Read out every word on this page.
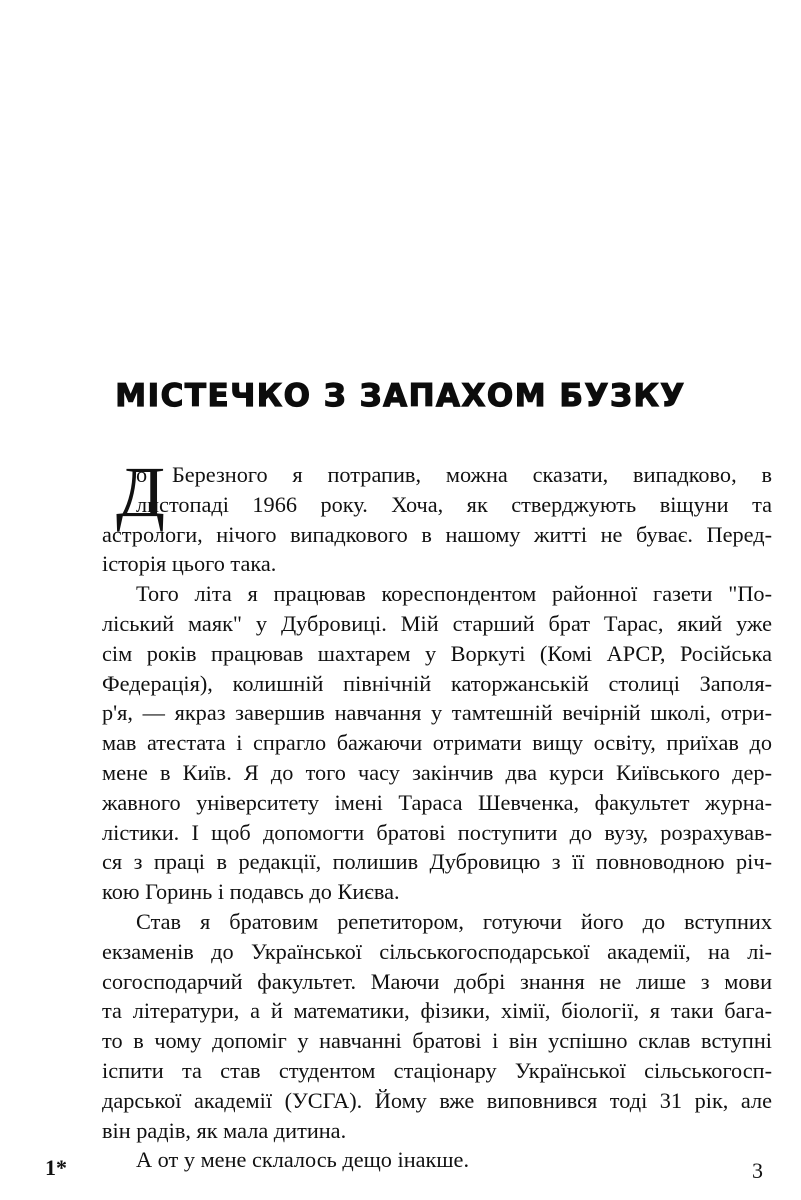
МІСТЕЧКО З ЗАПАХОМ БУЗКУ
Д
о Березного я потрапив, можна сказати, випадково, в
листопаді 1966 року. Хоча, як стверджують віщуни та
астрологи, нічого випадкового в нашому житті не буває. Перед-
історія цього така.
Того літа я працював кореспондентом районної газети "По-
ліський маяк" у Дубровиці. Мій старший брат Тарас, який уже
сім років працював шахтарем у Воркуті (Комі АРСР, Російська
Федерація), колишній північній каторжанській столиці Заполя-
р'я, — якраз завершив навчання у тамтешній вечірній школі, отри-
мав атестата і спрагло бажаючи отримати вищу освіту, приїхав до
мене в Київ. Я до того часу закінчив два курси Київського дер-
жавного університету імені Тараса Шевченка, факультет журна-
лістики. І щоб допомогти братові поступити до вузу, розрахував-
ся з праці в редакції, полишив Дубровицю з її повноводною річ-
кою Горинь і подавсь до Києва.
Став я братовим репетитором, готуючи його до вступних
екзаменів до Української сільськогосподарської академії, на лі-
согосподарчий факультет. Маючи добрі знання не лише з мови
та літератури, а й математики, фізики, хімії, біології, я таки бага-
то в чому допоміг у навчанні братові і він успішно склав вступні
іспити та став студентом стаціонару Української сільськогосп-
дарської академії (УСГА). Йому вже виповнився тоді 31 рік, але
він радів, як мала дитина.
А от у мене склалось дещо інакше.
1*	3
